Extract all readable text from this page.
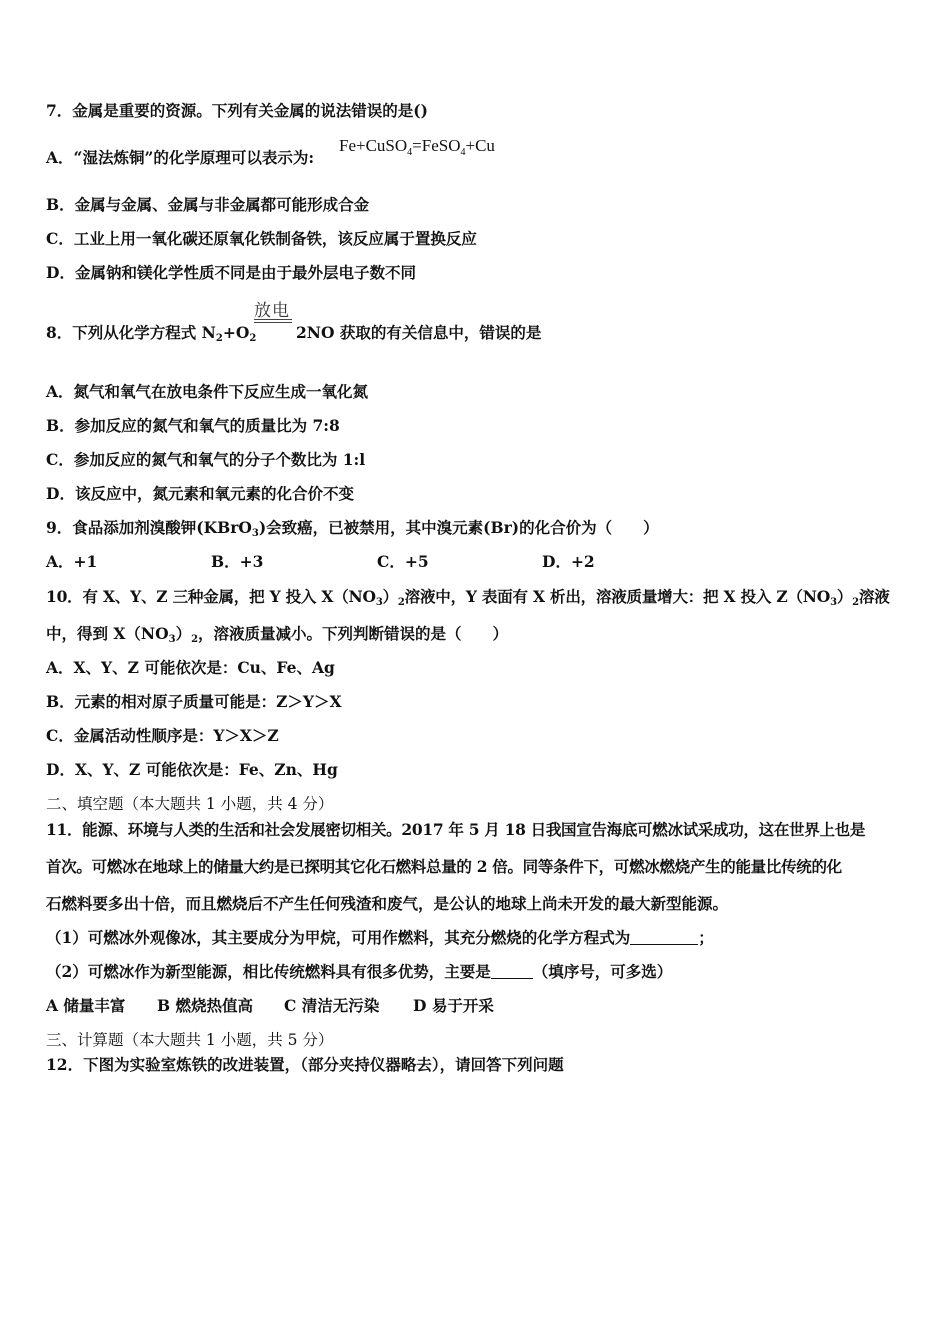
7．金属是重要的资源。下列有关金属的说法错误的是()
A．“湿法炼铜”的化学原理可以表示为:
Fe+CuSO$_4$=FeSO$_4$+Cu
B．金属与金属、金属与非金属都可能形成合金
C．工业上用一氧化碳还原氧化铁制备铁，该反应属于置换反应
D．金属钠和镁化学性质不同是由于最外层电子数不同
8．下列从化学方程式 $N_2+O_2$
放电
2NO 获取的有关信息中，错误的是
A．氮气和氧气在放电条件下反应生成一氧化氮
B．参加反应的氮气和氧气的质量比为 7:8
C．参加反应的氮气和氧气的分子个数比为 1:l
D．该反应中，氮元素和氧元素的化合价不变
9．食品添加剂溴酸钾(KBrO$_3$)会致癌，已被禁用，其中溴元素(Br)的化合价为（　　）
A．+1	B．+3	C．+5	D．+2
10．有 X、Y、Z 三种金属，把 Y 投入 $X(NO_3)_2$溶液中，Y 表面有 X 析出，溶液质量增大：把 X 投入 $Z(NO_3)_2$溶液
中，得到 $X(NO_3)_2$，溶液质量减小。下列判断错误的是（　　）
A．X、Y、Z 可能依次是：Cu、Fe、Ag
B．元素的相对原子质量可能是：Z＞Y＞X
C．金属活动性顺序是：Y＞X＞Z
D．X、Y、Z 可能依次是：Fe、Zn、Hg
二、填空题（本大题共 1 小题，共 4 分）
11．能源、环境与人类的生活和社会发展密切相关。2017 年 5 月 18 日我国宣告海底可燃冰试采成功，这在世界上也是
首次。可燃冰在地球上的储量大约是已探明其它化石燃料总量的 2 倍。同等条件下，可燃冰燃烧产生的能量比传统的化
石燃料要多出十倍，而且燃烧后不产生任何残渣和废气，是公认的地球上尚未开发的最大新型能源。
（1）可燃冰外观像冰，其主要成分为甲烷，可用作燃料，其充分燃烧的化学方程式为	；
（2）可燃冰作为新型能源，相比传统燃料具有很多优势，主要是	（填序号，可多选）
A 储量丰富 B 燃烧热值高 C 清洁无污染 D 易于开采
三、计算题（本大题共 1 小题，共 5 分）
12．下图为实验室炼铁的改进装置，（部分夹持仪器略去），请回答下列问题
